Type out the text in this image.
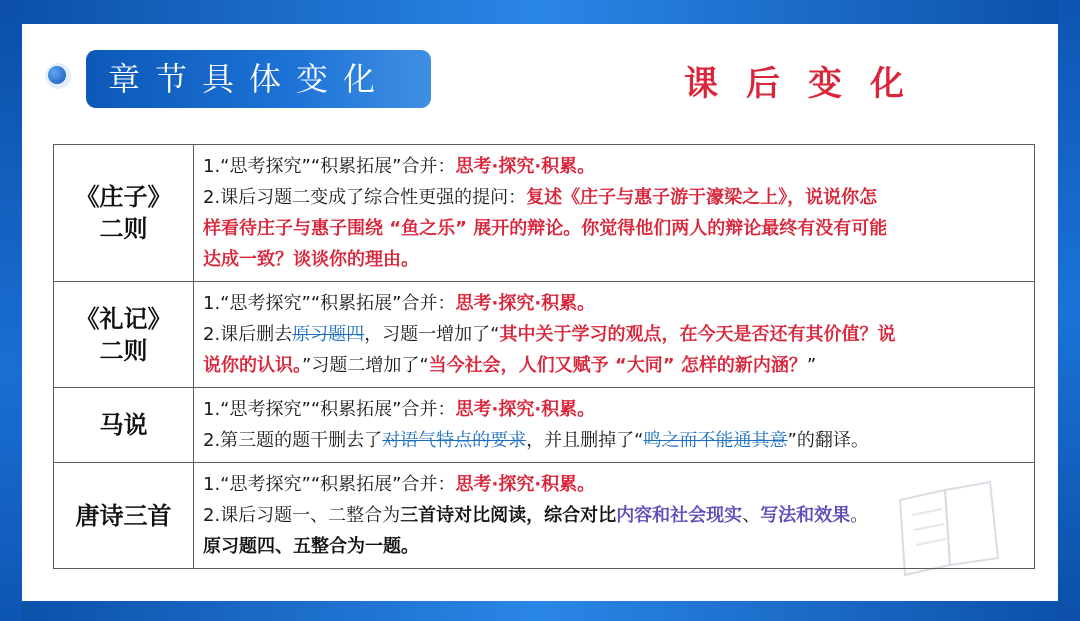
章节具体变化	课后变化
《庄子》
二则	1.“思考探究”“积累拓展”合并：思考·探究·积累。
2.课后习题二变成了综合性更强的提问：复述《庄子与惠子游于濠梁之上》，说说你怎
样看待庄子与惠子围绕 “鱼之乐” 展开的辩论。你觉得他们两人的辩论最终有没有可能
达成一致？谈谈你的理由。

《礼记》
二则	1.“思考探究”“积累拓展”合并：思考·探究·积累。
2.课后删去原习题四，习题一增加了“其中关于学习的观点，在今天是否还有其价值？说
说你的认识。”习题二增加了“当今社会，人们又赋予 “大同” 怎样的新内涵？”

马说	1.“思考探究”“积累拓展”合并：思考·探究·积累。
2.第三题的题干删去了对语气特点的要求，并且删掉了“鸣之而不能通其意”的翻译。

唐诗三首	1.“思考探究”“积累拓展”合并：思考·探究·积累。
2.课后习题一、二整合为三首诗对比阅读，综合对比内容和社会现实、写法和效果。
原习题四、五整合为一题。
